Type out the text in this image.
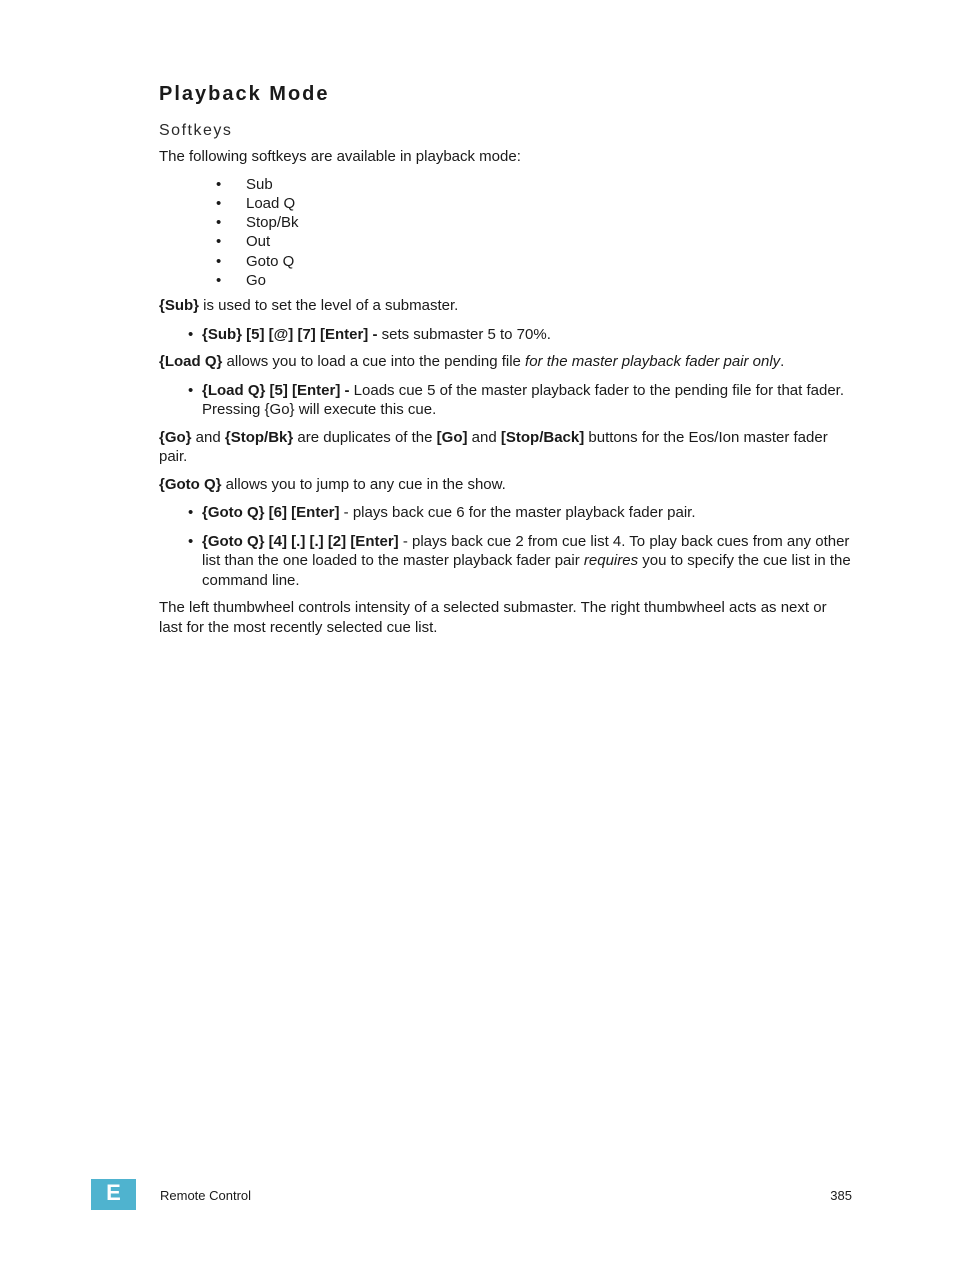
Playback Mode
Softkeys

The following softkeys are available in playback mode:

• Sub
• Load Q
• Stop/Bk
• Out
• Goto Q
• Go

{Sub} is used to set the level of a submaster.

• {Sub} [5] [@] [7] [Enter] - sets submaster 5 to 70%.

{Load Q} allows you to load a cue into the pending file for the master playback fader pair only.

• {Load Q} [5] [Enter] - Loads cue 5 of the master playback fader to the pending file for that fader. Pressing {Go} will execute this cue.

{Go} and {Stop/Bk} are duplicates of the [Go] and [Stop/Back] buttons for the Eos/Ion master fader pair.

{Goto Q} allows you to jump to any cue in the show.

• {Goto Q} [6] [Enter] - plays back cue 6 for the master playback fader pair.
• {Goto Q} [4] [.] [.] [2] [Enter] - plays back cue 2 from cue list 4. To play back cues from any other list than the one loaded to the master playback fader pair requires you to specify the cue list in the command line.

The left thumbwheel controls intensity of a selected submaster. The right thumbwheel acts as next or last for the most recently selected cue list.

E	Remote Control	385
